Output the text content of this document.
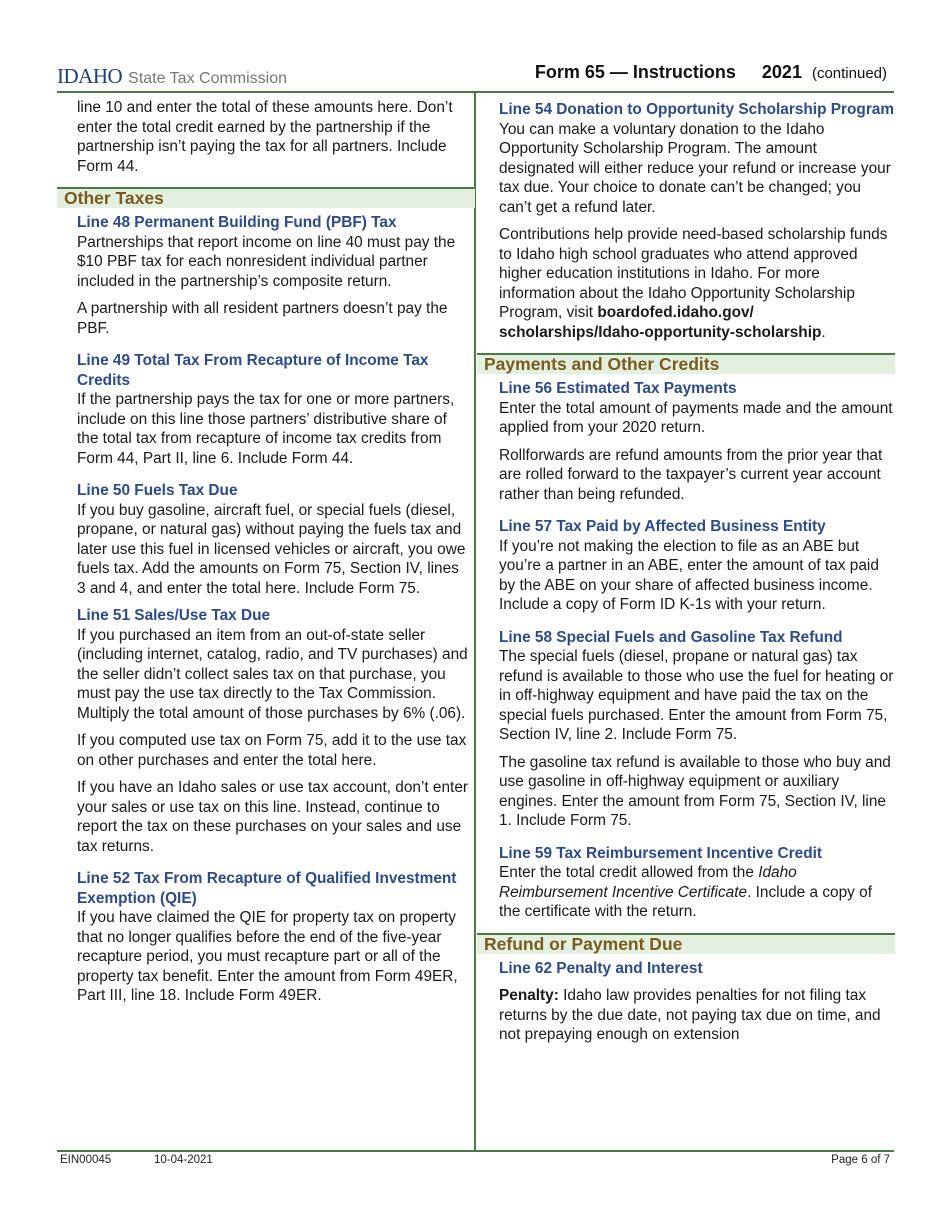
IDAHO State Tax Commission	Form 65 — Instructions 2021 (continued)

line 10 and enter the total of these amounts here. Don’t enter the total credit earned by the partnership if the partnership isn’t paying the tax for all partners. Include Form 44.

Other Taxes
Line 48 Permanent Building Fund (PBF) Tax

Partnerships that report income on line 40 must pay the $10 PBF tax for each nonresident individual partner included in the partnership’s composite return.

A partnership with all resident partners doesn’t pay the PBF.

Line 49 Total Tax From Recapture of Income Tax Credits

If the partnership pays the tax for one or more partners, include on this line those partners’ distributive share of the total tax from recapture of income tax credits from Form 44, Part II, line 6. Include Form 44.

Line 50 Fuels Tax Due

If you buy gasoline, aircraft fuel, or special fuels (diesel, propane, or natural gas) without paying the fuels tax and later use this fuel in licensed vehicles or aircraft, you owe fuels tax. Add the amounts on Form 75, Section IV, lines 3 and 4, and enter the total here. Include Form 75.

Line 51 Sales/Use Tax Due

If you purchased an item from an out-of-state seller (including internet, catalog, radio, and TV purchases) and the seller didn’t collect sales tax on that purchase, you must pay the use tax directly to the Tax Commission. Multiply the total amount of those purchases by 6% (.06).

If you computed use tax on Form 75, add it to the use tax on other purchases and enter the total here.

If you have an Idaho sales or use tax account, don’t enter your sales or use tax on this line. Instead, continue to report the tax on these purchases on your sales and use tax returns.

Line 52 Tax From Recapture of Qualified Investment Exemption (QIE)

If you have claimed the QIE for property tax on property that no longer qualifies before the end of the five-year recapture period, you must recapture part or all of the property tax benefit. Enter the amount from Form 49ER, Part III, line 18. Include Form 49ER.

Line 54 Donation to Opportunity Scholarship Program

You can make a voluntary donation to the Idaho Opportunity Scholarship Program. The amount designated will either reduce your refund or increase your tax due. Your choice to donate can’t be changed; you can’t get a refund later.

Contributions help provide need-based scholarship funds to Idaho high school graduates who attend approved higher education institutions in Idaho. For more information about the Idaho Opportunity Scholarship Program, visit boardofed.idaho.gov/ scholarships/Idaho-opportunity-scholarship.

Payments and Other Credits
Line 56 Estimated Tax Payments

Enter the total amount of payments made and the amount applied from your 2020 return.

Rollforwards are refund amounts from the prior year that are rolled forward to the taxpayer’s current year account rather than being refunded.

Line 57 Tax Paid by Affected Business Entity

If you’re not making the election to file as an ABE but you’re a partner in an ABE, enter the amount of tax paid by the ABE on your share of affected business income. Include a copy of Form ID K-1s with your return.

Line 58 Special Fuels and Gasoline Tax Refund

The special fuels (diesel, propane or natural gas) tax refund is available to those who use the fuel for heating or in off-highway equipment and have paid the tax on the special fuels purchased. Enter the amount from Form 75, Section IV, line 2. Include Form 75.

The gasoline tax refund is available to those who buy and use gasoline in off-highway equipment or auxiliary engines. Enter the amount from Form 75, Section IV, line 1. Include Form 75.

Line 59 Tax Reimbursement Incentive Credit

Enter the total credit allowed from the Idaho Reimbursement Incentive Certificate. Include a copy of the certificate with the return.

Refund or Payment Due
Line 62 Penalty and Interest

Penalty: Idaho law provides penalties for not filing tax returns by the due date, not paying tax due on time, and not prepaying enough on extension

EIN00045	10-04-2021	Page 6 of 7
